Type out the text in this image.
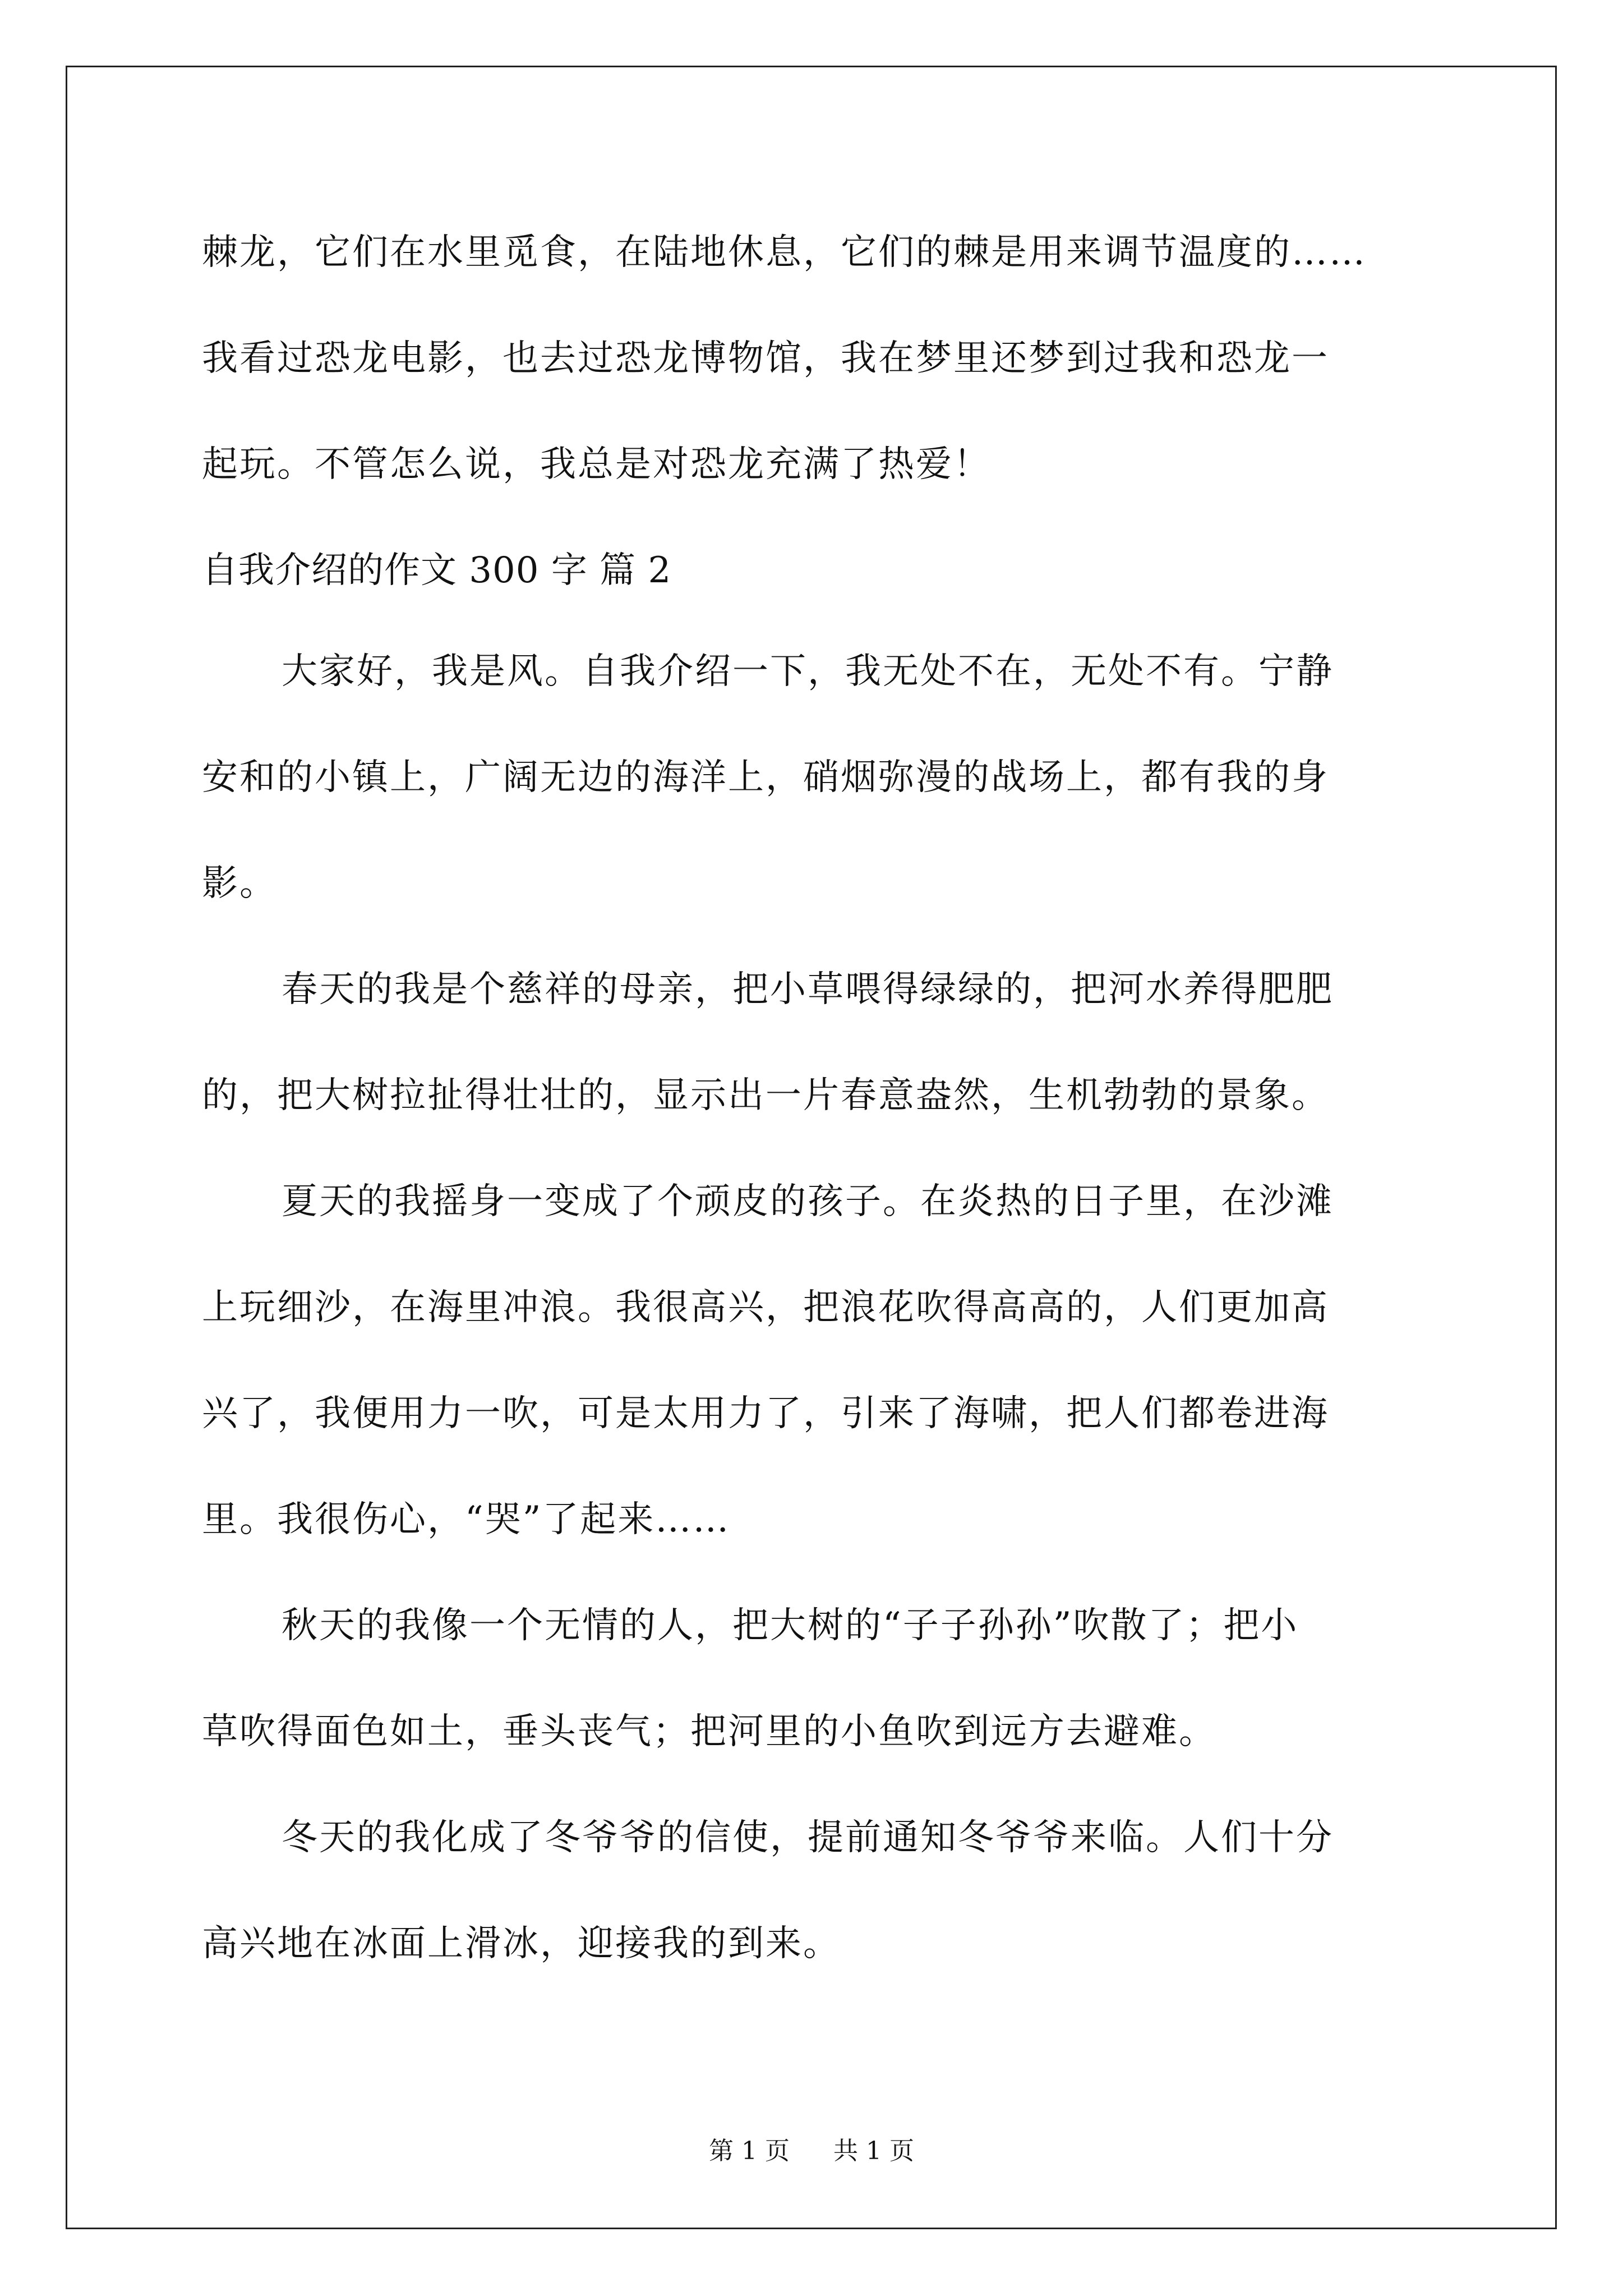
棘龙，它们在水里觅食，在陆地休息，它们的棘是用来调节温度的……
我看过恐龙电影，也去过恐龙博物馆，我在梦里还梦到过我和恐龙一
起玩。不管怎么说，我总是对恐龙充满了热爱！
自我介绍的作文 300 字 篇 2
大家好，我是风。自我介绍一下，我无处不在，无处不有。宁静
安和的小镇上，广阔无边的海洋上，硝烟弥漫的战场上，都有我的身
影。
春天的我是个慈祥的母亲，把小草喂得绿绿的，把河水养得肥肥
的，把大树拉扯得壮壮的，显示出一片春意盎然，生机勃勃的景象。
夏天的我摇身一变成了个顽皮的孩子。在炎热的日子里，在沙滩
上玩细沙，在海里冲浪。我很高兴，把浪花吹得高高的，人们更加高
兴了，我便用力一吹，可是太用力了，引来了海啸，把人们都卷进海
里。我很伤心，“哭”了起来……
秋天的我像一个无情的人，把大树的“子子孙孙”吹散了；把小
草吹得面色如土，垂头丧气；把河里的小鱼吹到远方去避难。
冬天的我化成了冬爷爷的信使，提前通知冬爷爷来临。人们十分
高兴地在冰面上滑冰，迎接我的到来。
第 1 页 共 1 页
